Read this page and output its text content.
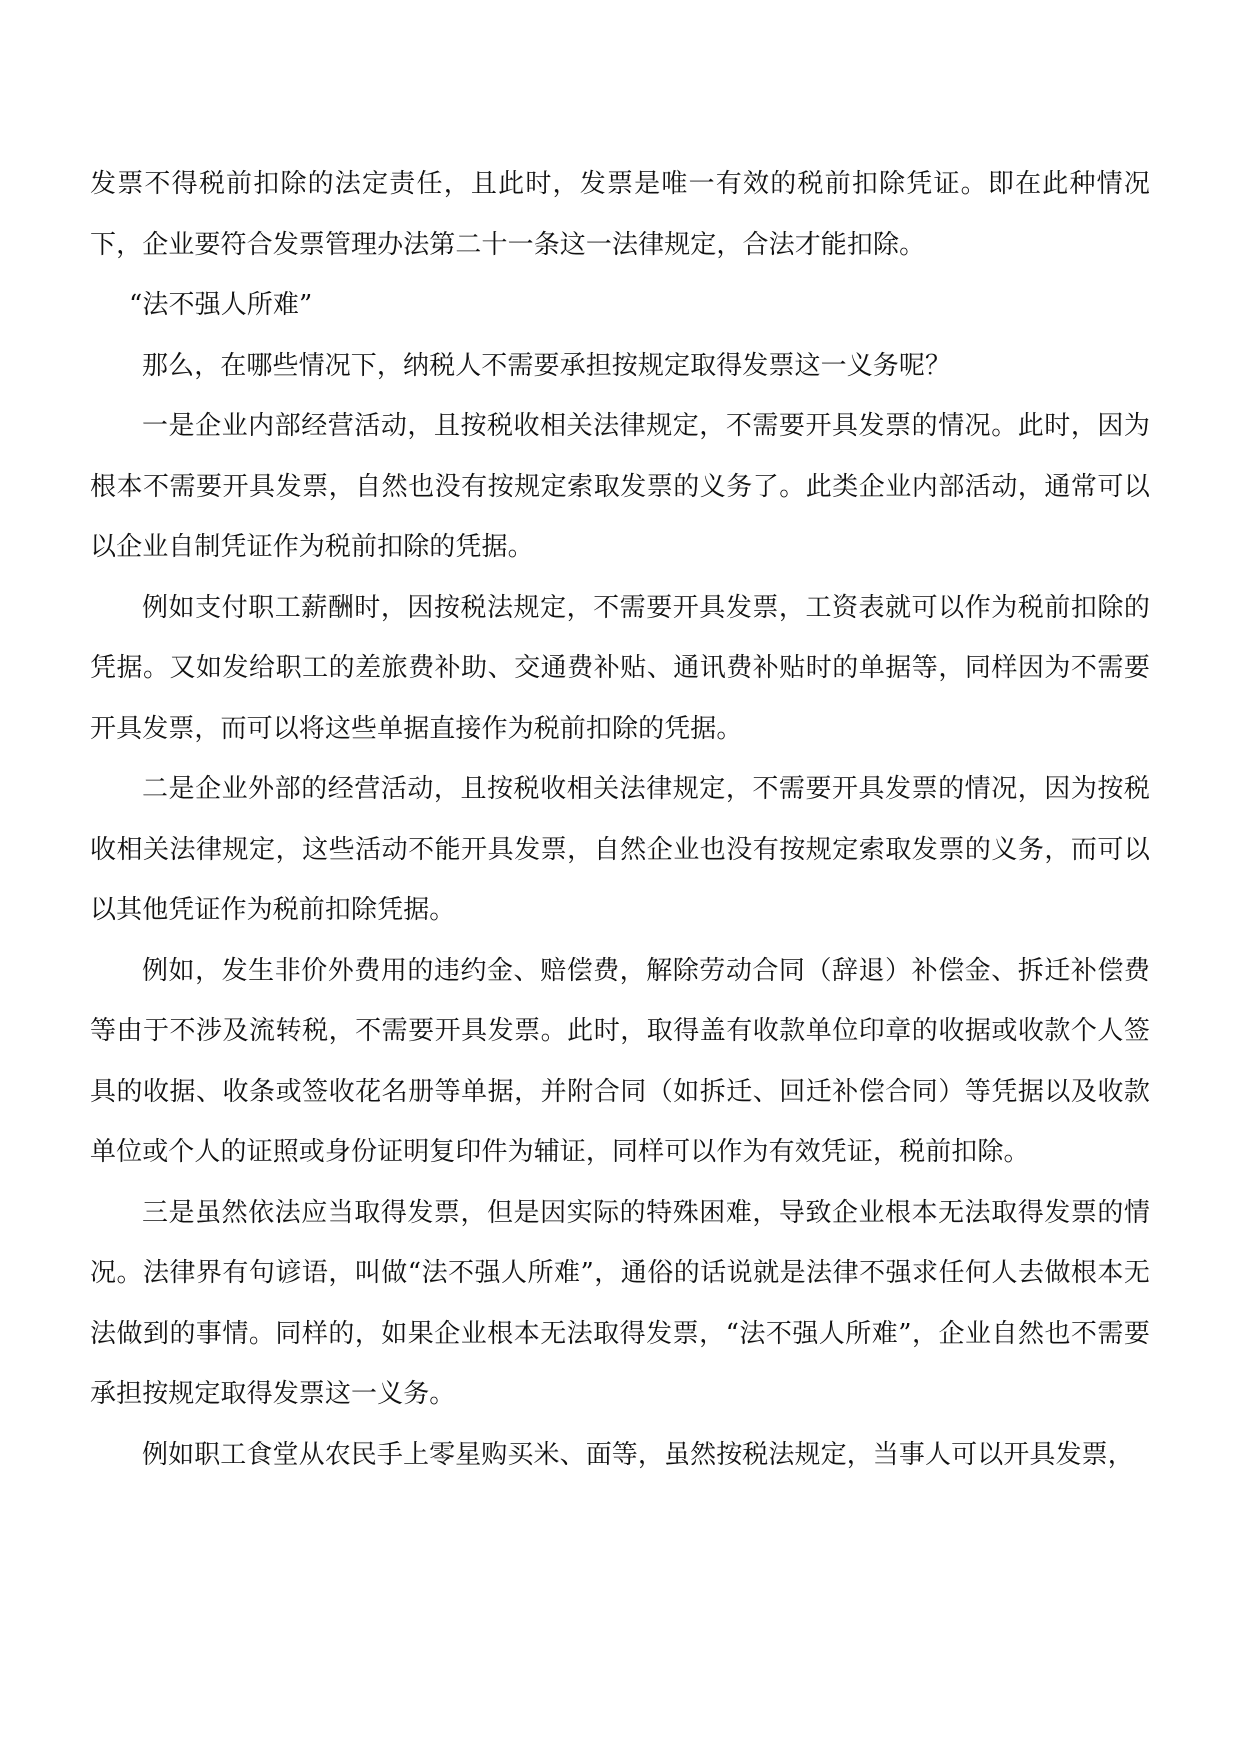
发票不得税前扣除的法定责任，且此时，发票是唯一有效的税前扣除凭证。即在此种情况下，企业要符合发票管理办法第二十一条这一法律规定，合法才能扣除。

“法不强人所难”

那么，在哪些情况下，纳税人不需要承担按规定取得发票这一义务呢？

一是企业内部经营活动，且按税收相关法律规定，不需要开具发票的情况。此时，因为根本不需要开具发票，自然也没有按规定索取发票的义务了。此类企业内部活动，通常可以以企业自制凭证作为税前扣除的凭据。

例如支付职工薪酬时，因按税法规定，不需要开具发票，工资表就可以作为税前扣除的凭据。又如发给职工的差旅费补助、交通费补贴、通讯费补贴时的单据等，同样因为不需要开具发票，而可以将这些单据直接作为税前扣除的凭据。

二是企业外部的经营活动，且按税收相关法律规定，不需要开具发票的情况，因为按税收相关法律规定，这些活动不能开具发票，自然企业也没有按规定索取发票的义务，而可以以其他凭证作为税前扣除凭据。

例如，发生非价外费用的违约金、赔偿费，解除劳动合同（辞退）补偿金、拆迁补偿费等由于不涉及流转税，不需要开具发票。此时，取得盖有收款单位印章的收据或收款个人签具的收据、收条或签收花名册等单据，并附合同（如拆迁、回迁补偿合同）等凭据以及收款单位或个人的证照或身份证明复印件为辅证，同样可以作为有效凭证，税前扣除。

三是虽然依法应当取得发票，但是因实际的特殊困难，导致企业根本无法取得发票的情况。法律界有句谚语，叫做“法不强人所难”，通俗的话说就是法律不强求任何人去做根本无法做到的事情。同样的，如果企业根本无法取得发票，“法不强人所难”，企业自然也不需要承担按规定取得发票这一义务。

例如职工食堂从农民手上零星购买米、面等，虽然按税法规定，当事人可以开具发票，
